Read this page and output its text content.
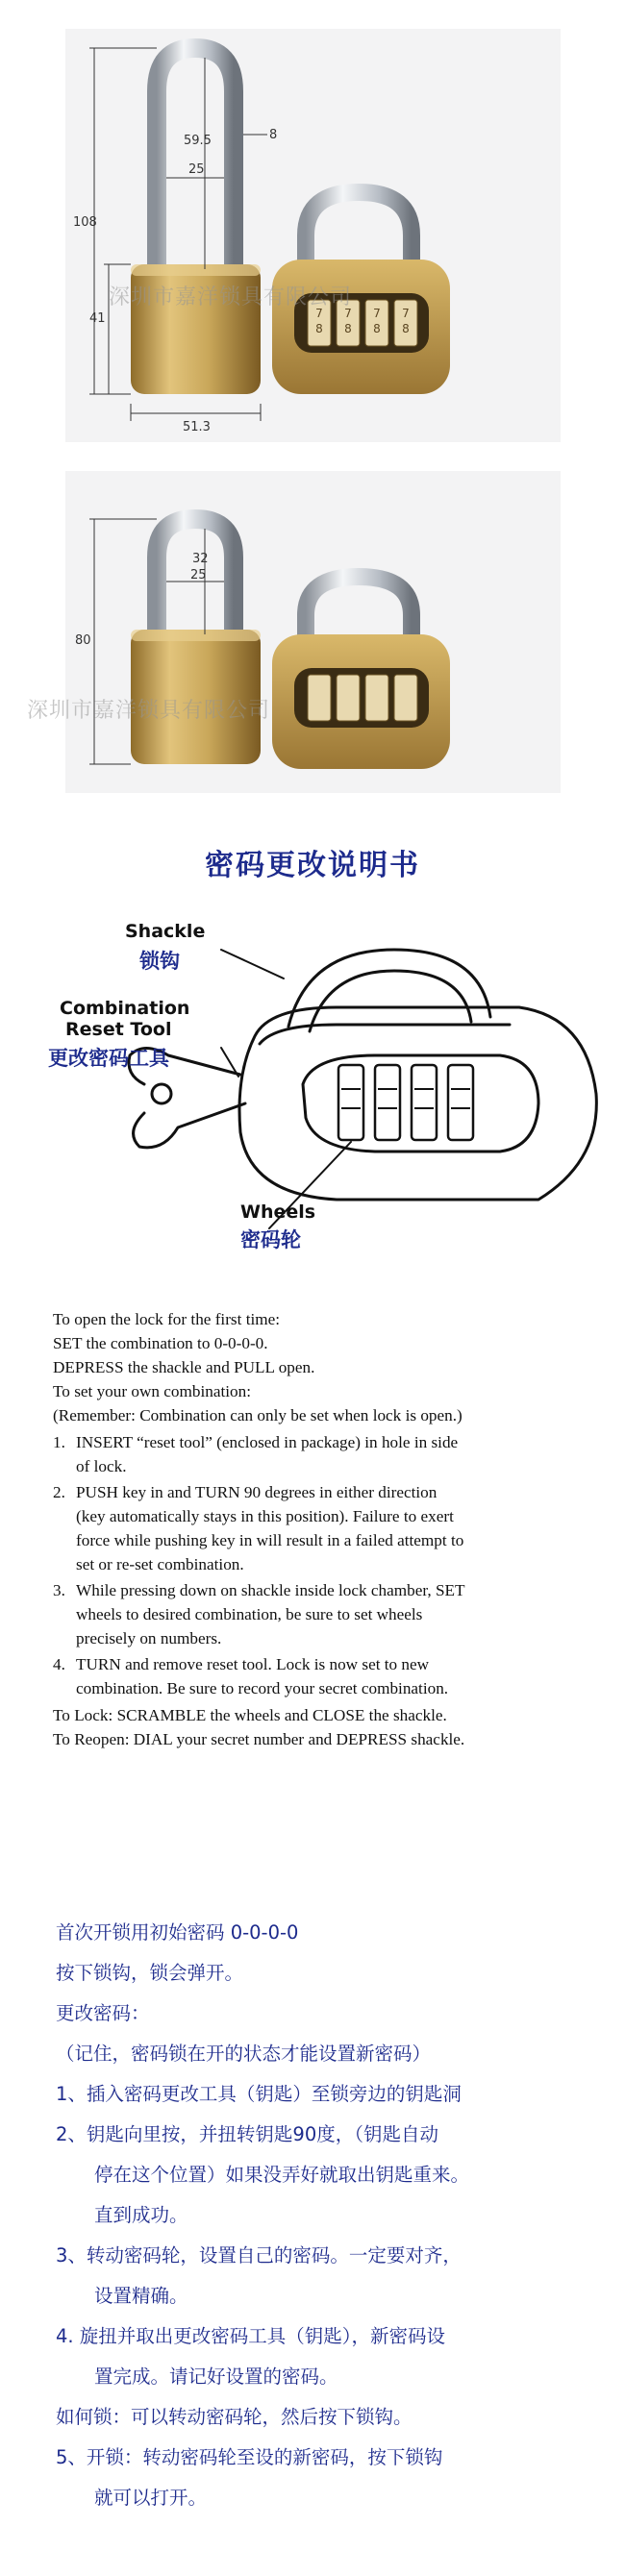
7
8
7
8
7
8
7
8
108
41
59.5
25
8
51.3
深圳市嘉洋锁具有限公司
80
32
25
深圳市嘉洋锁具有限公司
密码更改说明书
Shackle
锁钩
Combination
Reset Tool
更改密码工具
Wheels
密码轮

To open the lock for the first time:

SET the combination to 0-0-0-0.

DEPRESS the shackle and PULL open.

To set your own combination:

(Remember: Combination can only be set when lock is open.)

1. INSERT “reset tool” (enclosed in package) in hole in side
of lock.
2. PUSH key in and TURN 90 degrees in either direction
(key automatically stays in this position). Failure to exert
force while pushing key in will result in a failed attempt to
set or re-set combination.
3. While pressing down on shackle inside lock chamber, SET
wheels to desired combination, be sure to set wheels
precisely on numbers.
4. TURN and remove reset tool. Lock is now set to new
combination. Be sure to record your secret combination.

To Lock: SCRAMBLE the wheels and CLOSE the shackle.

To Reopen: DIAL your secret number and DEPRESS shackle.

首次开锁用初始密码 0-0-0-0

按下锁钩，锁会弹开。

更改密码：

（记住，密码锁在开的状态才能设置新密码）

1、插入密码更改工具（钥匙）至锁旁边的钥匙洞

2、钥匙向里按，并扭转钥匙90度，（钥匙自动

停在这个位置）如果没弄好就取出钥匙重来。

直到成功。

3、转动密码轮，设置自己的密码。一定要对齐，

设置精确。

4. 旋扭并取出更改密码工具（钥匙），新密码设

置完成。请记好设置的密码。

如何锁：可以转动密码轮，然后按下锁钩。

5、开锁：转动密码轮至设的新密码，按下锁钩

就可以打开。
